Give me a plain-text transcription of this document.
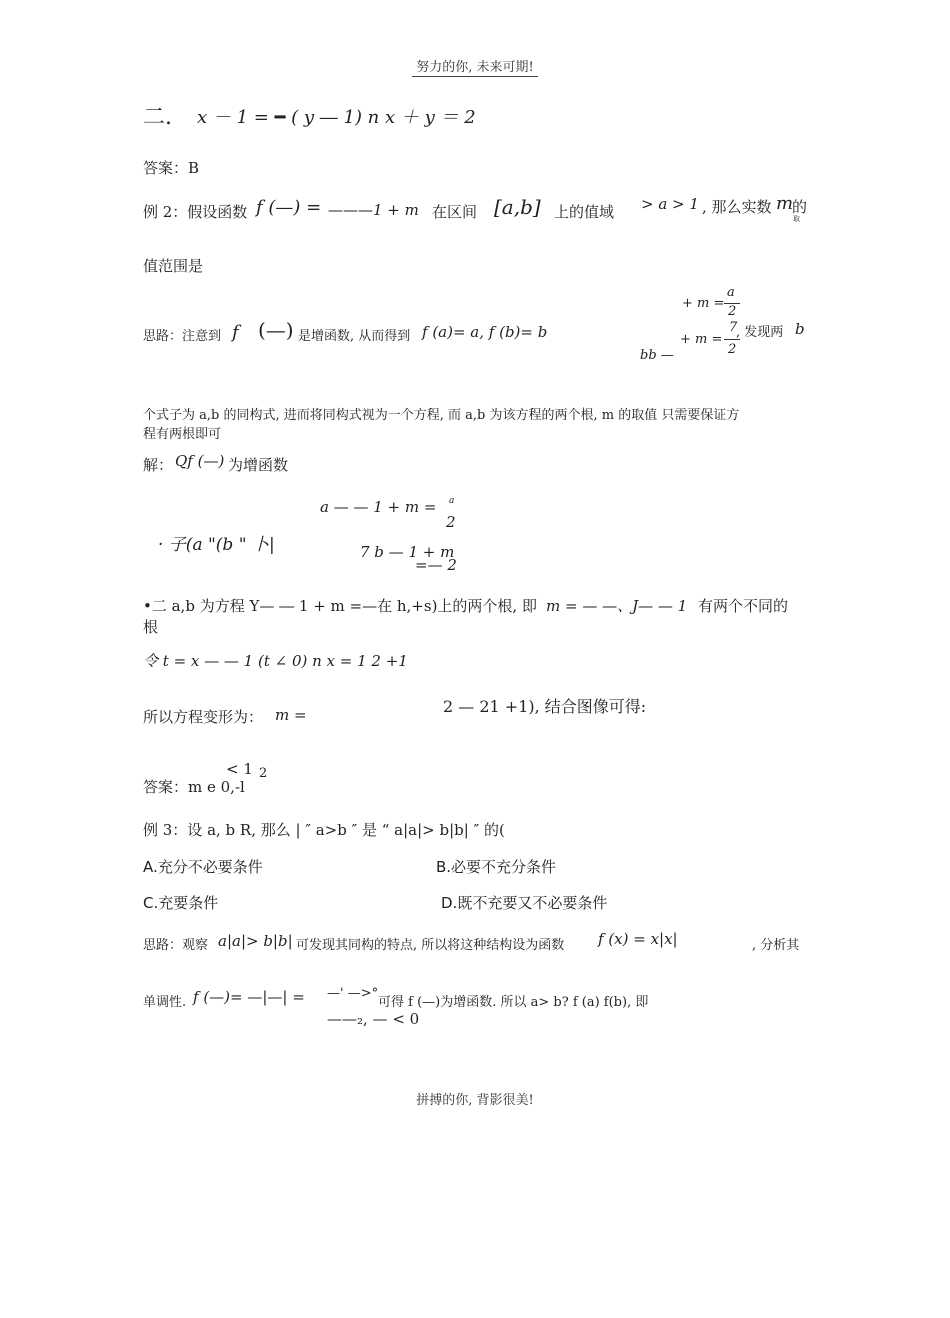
努力的你, 未来可期!
二. x － 1 = ━ ( y ― 1) n x ＋ y ＝ 2
答案：B
例 2：假设函数 f (—) = ———1 + m 在区间 [a,b] 上的值域 > a > 1 , 那么实数 m
的
取
值范围是
思路：注意到 f (—) 是增函数, 从而得到 f (a)= a, f (b)= b
+ m =
a
2
+ m =
7
2
, 发现两 b
bb —
个式子为 a,b 的同构式, 进而将同构式视为一个方程, 而 a,b 为该方程的两个根, m 的取值 只需要保证方
程有两根即可
解： Qf (—) 为增函数
· 子(a "(b " 卜|
a — — 1 + m = a
2
7 b — 1 + m
=— 2
•二 a,b 为方程 Y— ― 1 + m =—在 h,+s)上的两个根, 即 m = — —、J— — 1 有两个不同的
根
令 t = x — — 1 (t ∠ 0) n x = 1 2 +1
所以方程变形为： m =	2 — 21 +1), 结合图像可得:
< 1 2
答案：m e 0,-l
例 3：设 a, b R, 那么 | ″ a>b ″ 是 “ a|a|> b|b| ″ 的(
A.充分不必要条件	B.必要不充分条件
C.充要条件	D.既不充要又不必要条件
思路：观察 a|a|> b|b| 可发现其同构的特点, 所以将这种结构设为函数 f (x) = x|x|	, 分析其
单调性. f (—)= —|—| = —' —>°
可得 f (—)为增函数. 所以 a> b? f (a) f(b), 即
——₂, — < 0
拼搏的你, 背影很美!
